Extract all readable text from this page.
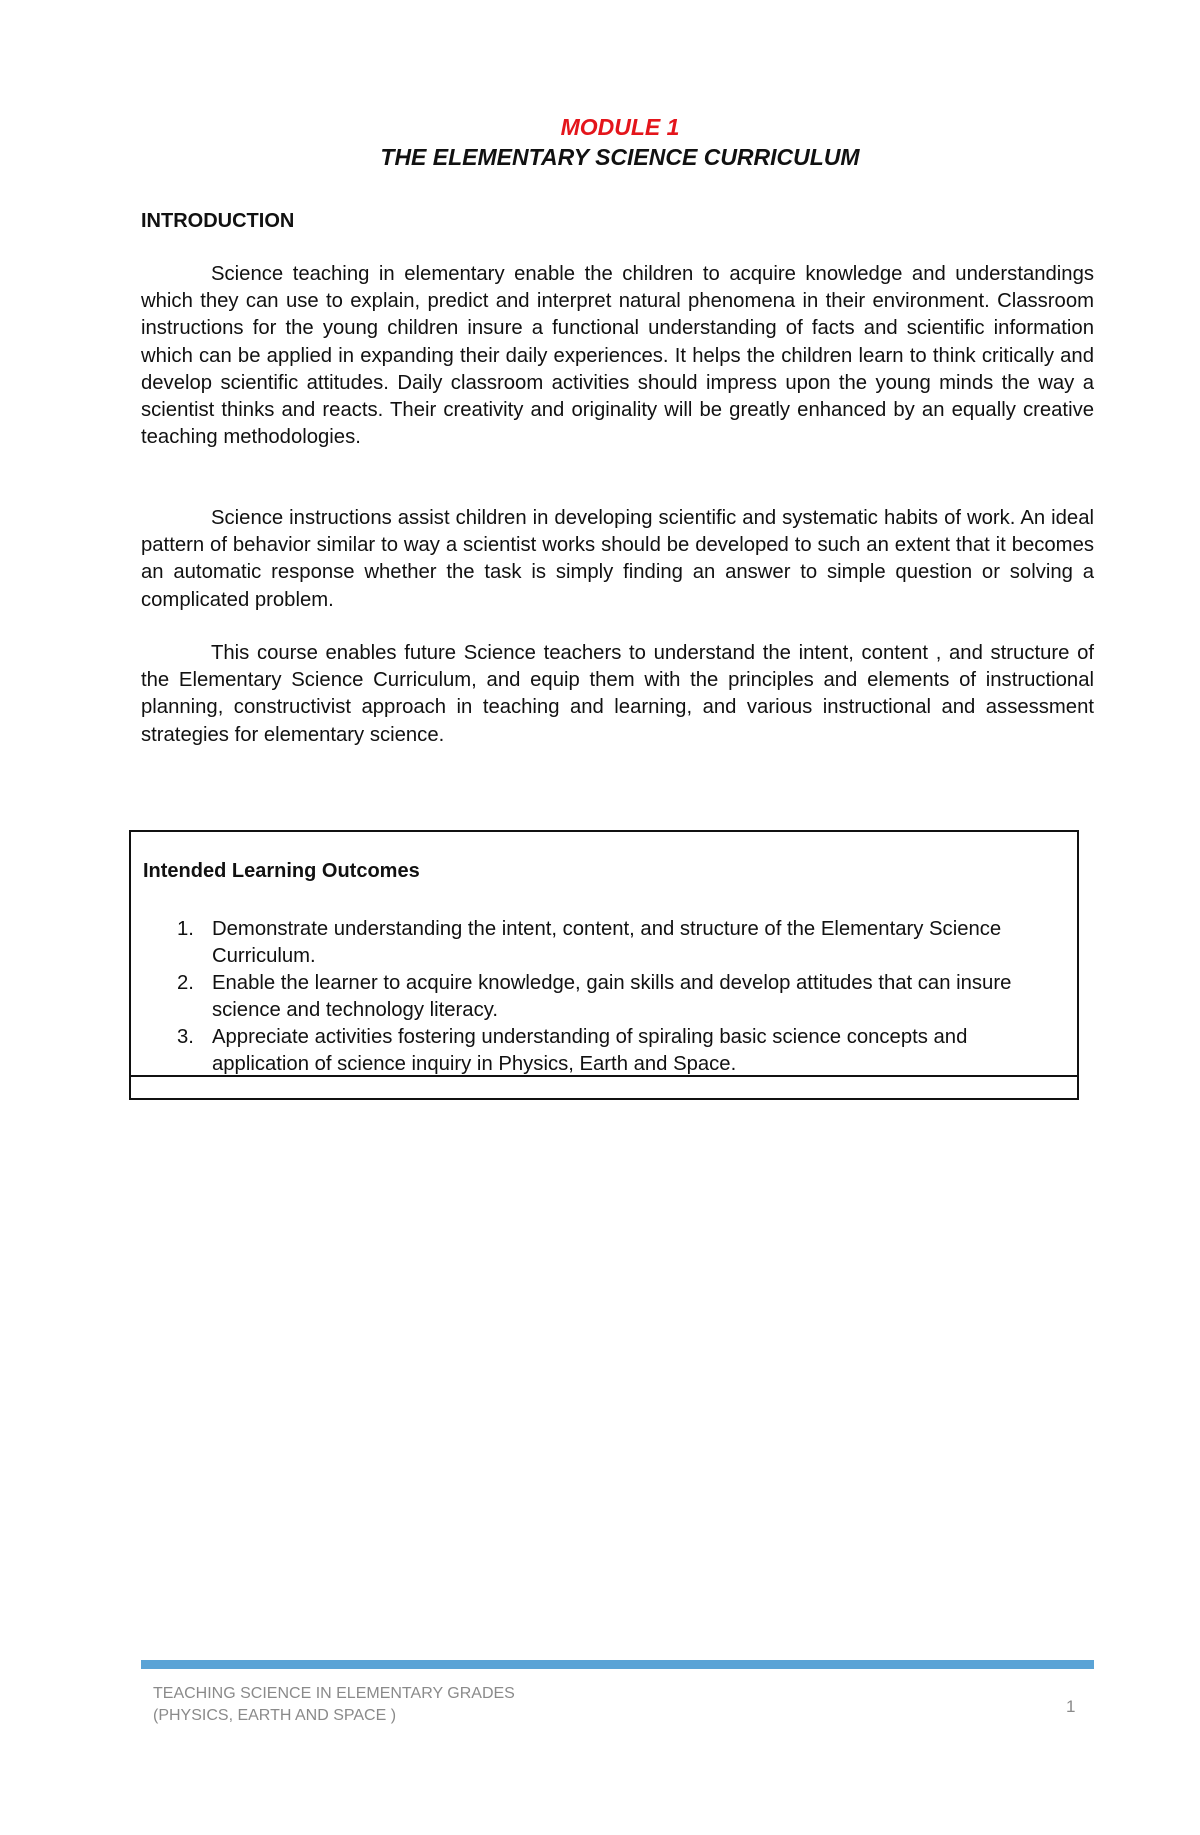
MODULE 1
THE ELEMENTARY SCIENCE CURRICULUM
INTRODUCTION

Science teaching in elementary enable the children to acquire knowledge and understandings which they can use to explain, predict and interpret natural phenomena in their environment. Classroom instructions for the young children insure a functional understanding of facts and scientific information which can be applied in expanding their daily experiences. It helps the children learn to think critically and develop scientific attitudes. Daily classroom activities should impress upon the young minds the way a scientist thinks and reacts. Their creativity and originality will be greatly enhanced by an equally creative teaching methodologies.

Science instructions assist children in developing scientific and systematic habits of work. An ideal pattern of behavior similar to way a scientist works should be developed to such an extent that it becomes an automatic response whether the task is simply finding an answer to simple question or solving a complicated problem.

This course enables future Science teachers to understand the intent, content , and structure of the Elementary Science Curriculum, and equip them with the principles and elements of instructional planning, constructivist approach in teaching and learning, and various instructional and assessment strategies for elementary science.

Intended Learning Outcomes
1. Demonstrate understanding the intent, content, and structure of the Elementary Science Curriculum.
2. Enable the learner to acquire knowledge, gain skills and develop attitudes that can insure science and technology literacy.
3. Appreciate activities fostering understanding of spiraling basic science concepts and application of science inquiry in Physics, Earth and Space.
TEACHING SCIENCE IN ELEMENTARY GRADES
(PHYSICS, EARTH AND SPACE )	1
